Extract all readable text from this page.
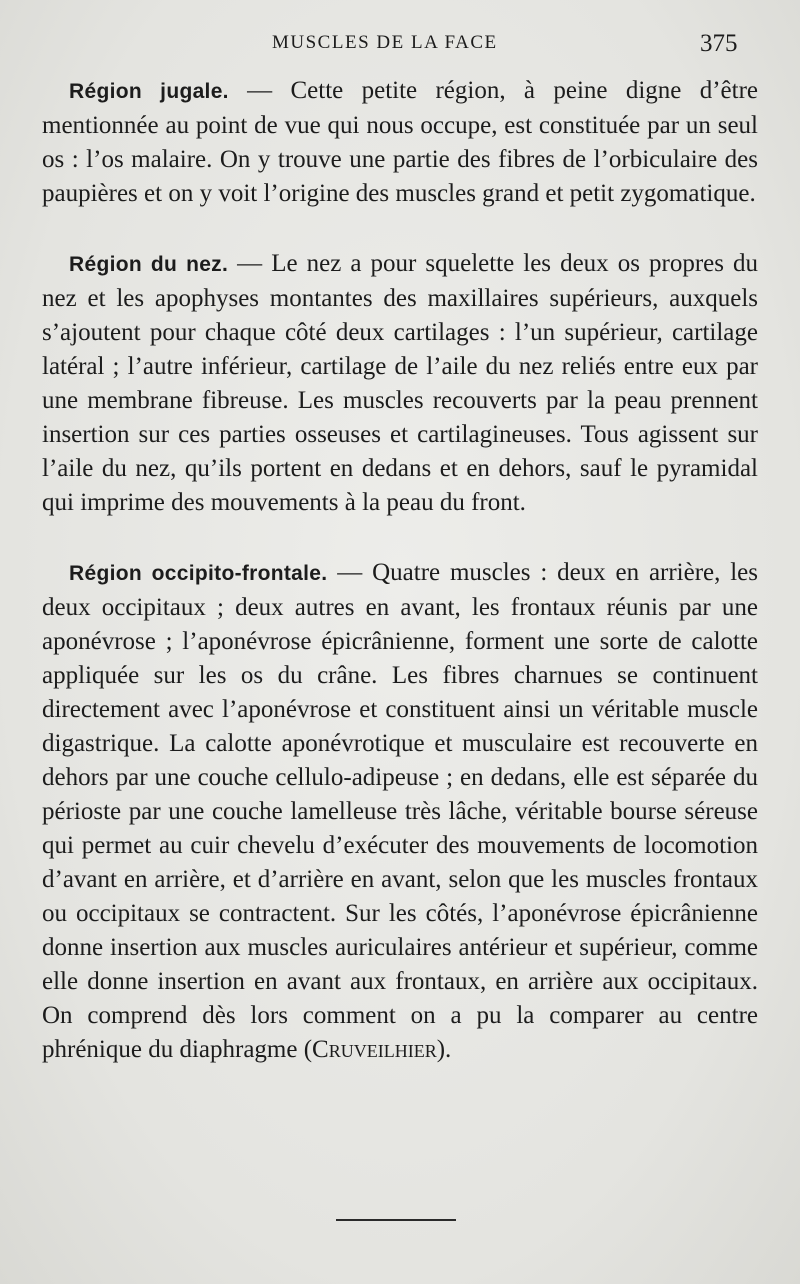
MUSCLES DE LA FACE	375

Région jugale. — Cette petite région, à peine digne d’être mentionnée au point de vue qui nous occupe, est constituée par un seul os : l’os malaire. On y trouve une partie des fibres de l’orbiculaire des paupières et on y voit l’origine des muscles grand et petit zygomatique.

Région du nez. — Le nez a pour squelette les deux os propres du nez et les apophyses montantes des maxillaires supérieurs, auxquels s’ajoutent pour chaque côté deux cartilages : l’un supérieur, cartilage latéral ; l’autre inférieur, cartilage de l’aile du nez reliés entre eux par une membrane fibreuse. Les muscles recouverts par la peau prennent insertion sur ces parties osseuses et cartilagineuses. Tous agissent sur l’aile du nez, qu’ils portent en dedans et en dehors, sauf le pyramidal qui imprime des mouvements à la peau du front.

Région occipito-frontale. — Quatre muscles : deux en arrière, les deux occipitaux ; deux autres en avant, les frontaux réunis par une aponévrose ; l’aponévrose épicrânienne, forment une sorte de calotte appliquée sur les os du crâne. Les fibres charnues se continuent directement avec l’aponévrose et constituent ainsi un véritable muscle digastrique. La calotte aponévrotique et musculaire est recouverte en dehors par une couche cellulo-adipeuse ; en dedans, elle est séparée du périoste par une couche lamelleuse très lâche, véritable bourse séreuse qui permet au cuir chevelu d’exécuter des mouvements de locomotion d’avant en arrière, et d’arrière en avant, selon que les muscles frontaux ou occipitaux se contractent. Sur les côtés, l’aponévrose épicrânienne donne insertion aux muscles auriculaires antérieur et supérieur, comme elle donne insertion en avant aux frontaux, en arrière aux occipitaux. On comprend dès lors comment on a pu la comparer au centre phrénique du diaphragme (Cruveilhier).
